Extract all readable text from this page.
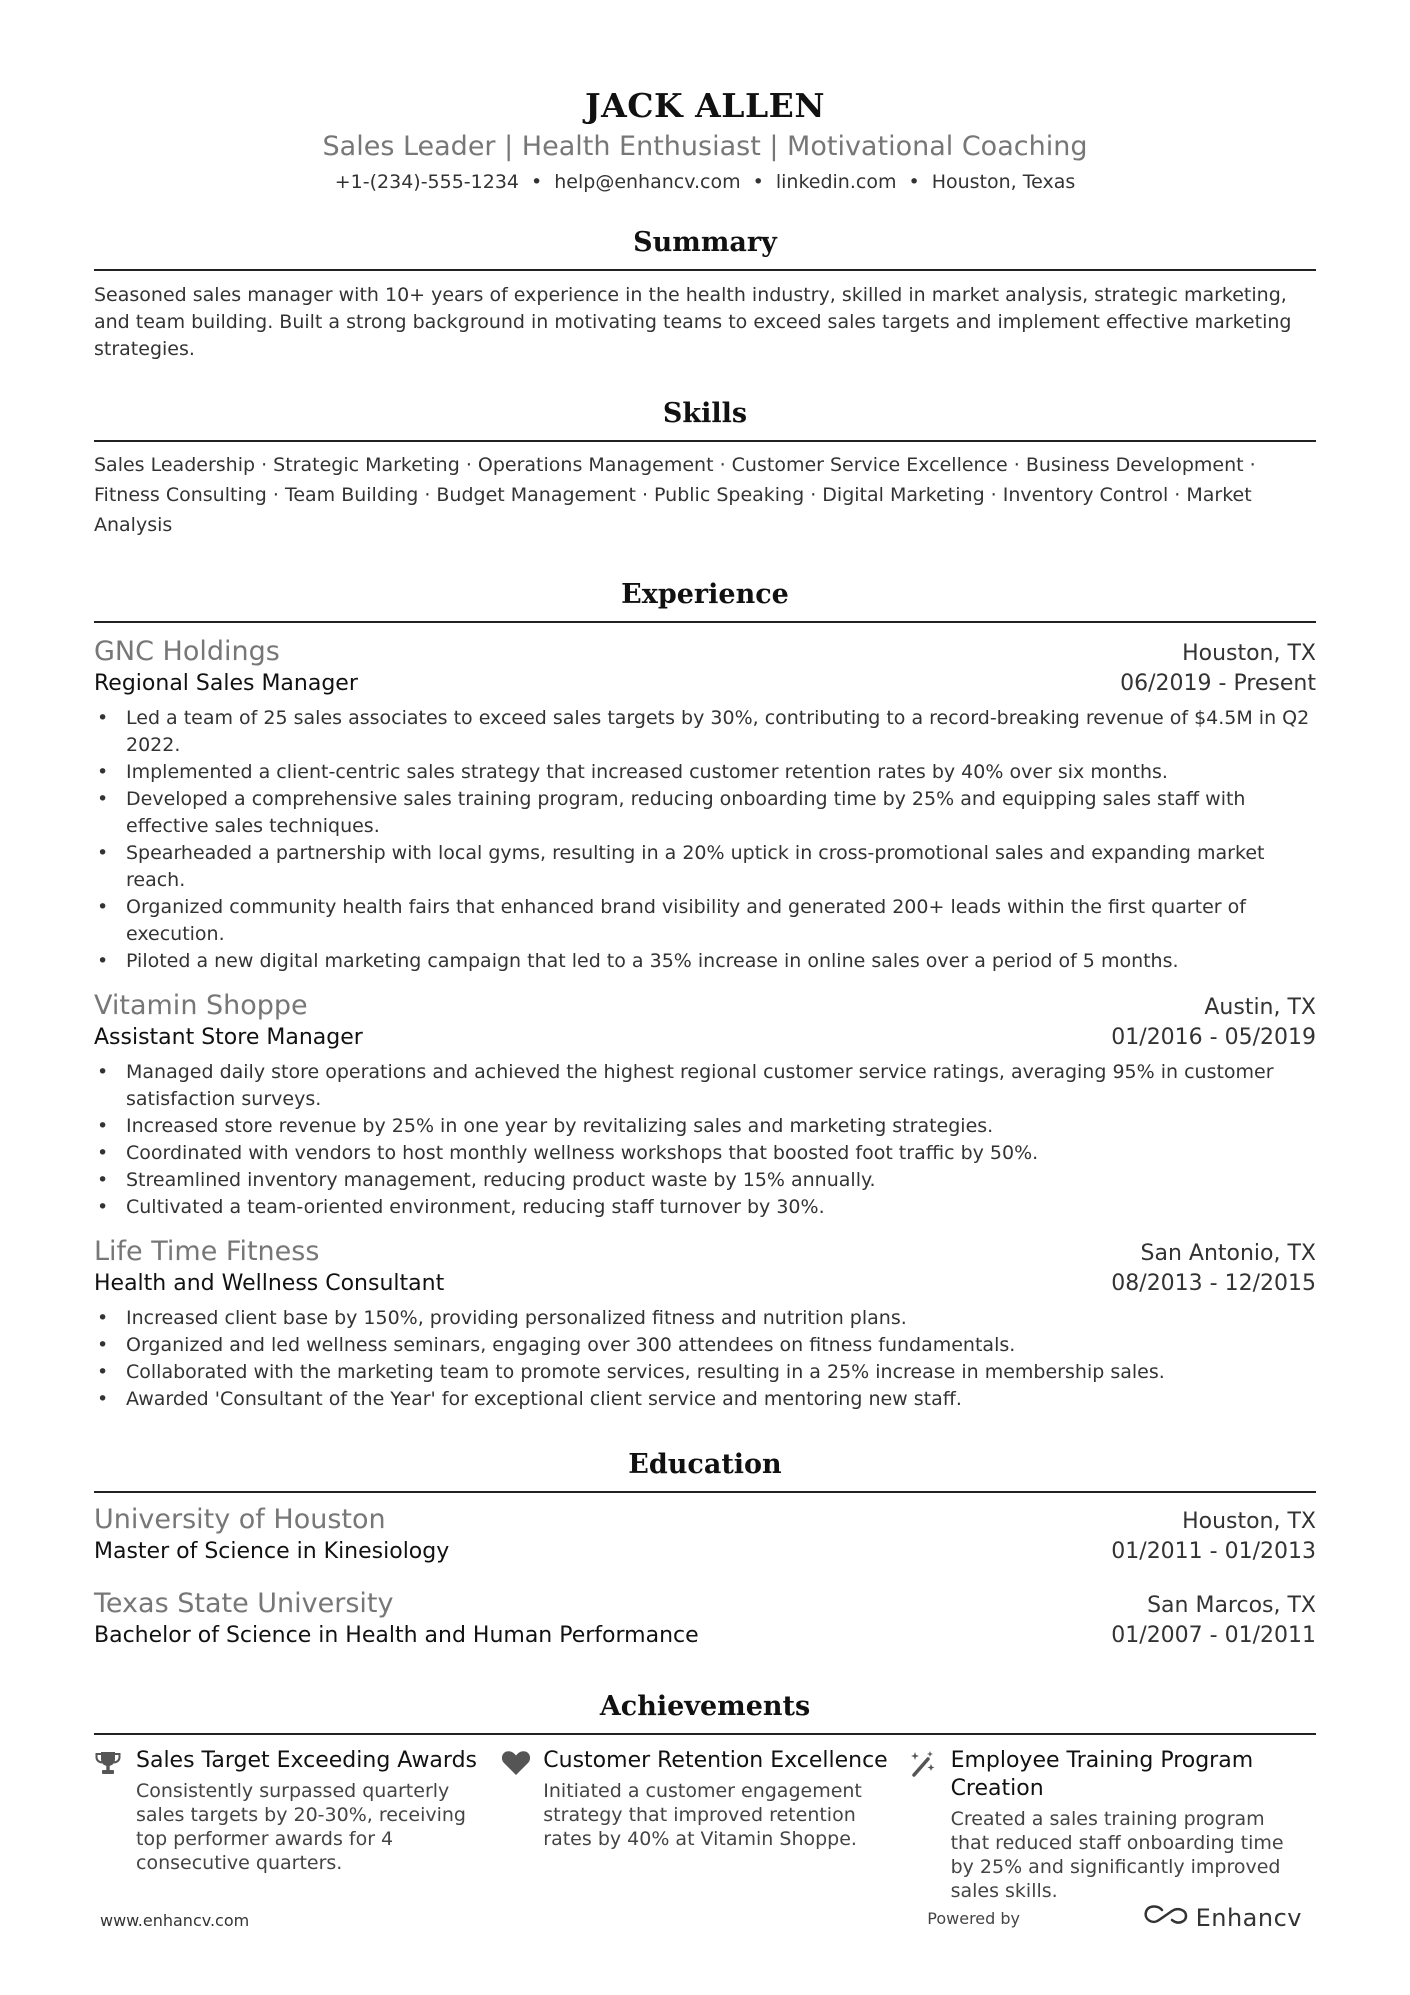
JACK ALLEN
Sales Leader | Health Enthusiast | Motivational Coaching
+1-(234)-555-1234 • help@enhancv.com • linkedin.com • Houston, Texas
Summary
Seasoned sales manager with 10+ years of experience in the health industry, skilled in market analysis, strategic marketing, and team building. Built a strong background in motivating teams to exceed sales targets and implement effective marketing strategies.
Skills
Sales Leadership · Strategic Marketing · Operations Management · Customer Service Excellence · Business Development ·
Fitness Consulting · Team Building · Budget Management · Public Speaking · Digital Marketing · Inventory Control · Market Analysis
Experience
GNC Holdings	Houston, TX
Regional Sales Manager	06/2019 - Present
• Led a team of 25 sales associates to exceed sales targets by 30%, contributing to a record-breaking revenue of $4.5M in Q2 2022.
• Implemented a client-centric sales strategy that increased customer retention rates by 40% over six months.
• Developed a comprehensive sales training program, reducing onboarding time by 25% and equipping sales staff with effective sales techniques.
• Spearheaded a partnership with local gyms, resulting in a 20% uptick in cross-promotional sales and expanding market reach.
• Organized community health fairs that enhanced brand visibility and generated 200+ leads within the first quarter of execution.
• Piloted a new digital marketing campaign that led to a 35% increase in online sales over a period of 5 months.
Vitamin Shoppe	Austin, TX
Assistant Store Manager	01/2016 - 05/2019
• Managed daily store operations and achieved the highest regional customer service ratings, averaging 95% in customer satisfaction surveys.
• Increased store revenue by 25% in one year by revitalizing sales and marketing strategies.
• Coordinated with vendors to host monthly wellness workshops that boosted foot traffic by 50%.
• Streamlined inventory management, reducing product waste by 15% annually.
• Cultivated a team-oriented environment, reducing staff turnover by 30%.
Life Time Fitness	San Antonio, TX
Health and Wellness Consultant	08/2013 - 12/2015
• Increased client base by 150%, providing personalized fitness and nutrition plans.
• Organized and led wellness seminars, engaging over 300 attendees on fitness fundamentals.
• Collaborated with the marketing team to promote services, resulting in a 25% increase in membership sales.
• Awarded 'Consultant of the Year' for exceptional client service and mentoring new staff.
Education
University of Houston	Houston, TX
Master of Science in Kinesiology	01/2011 - 01/2013
Texas State University	San Marcos, TX
Bachelor of Science in Health and Human Performance	01/2007 - 01/2011
Achievements
Sales Target Exceeding Awards
Consistently surpassed quarterly sales targets by 20-30%, receiving top performer awards for 4 consecutive quarters.
Customer Retention Excellence
Initiated a customer engagement strategy that improved retention rates by 40% at Vitamin Shoppe.
Employee Training Program Creation
Created a sales training program that reduced staff onboarding time by 25% and significantly improved sales skills.
www.enhancv.com	Powered by	Enhancv
